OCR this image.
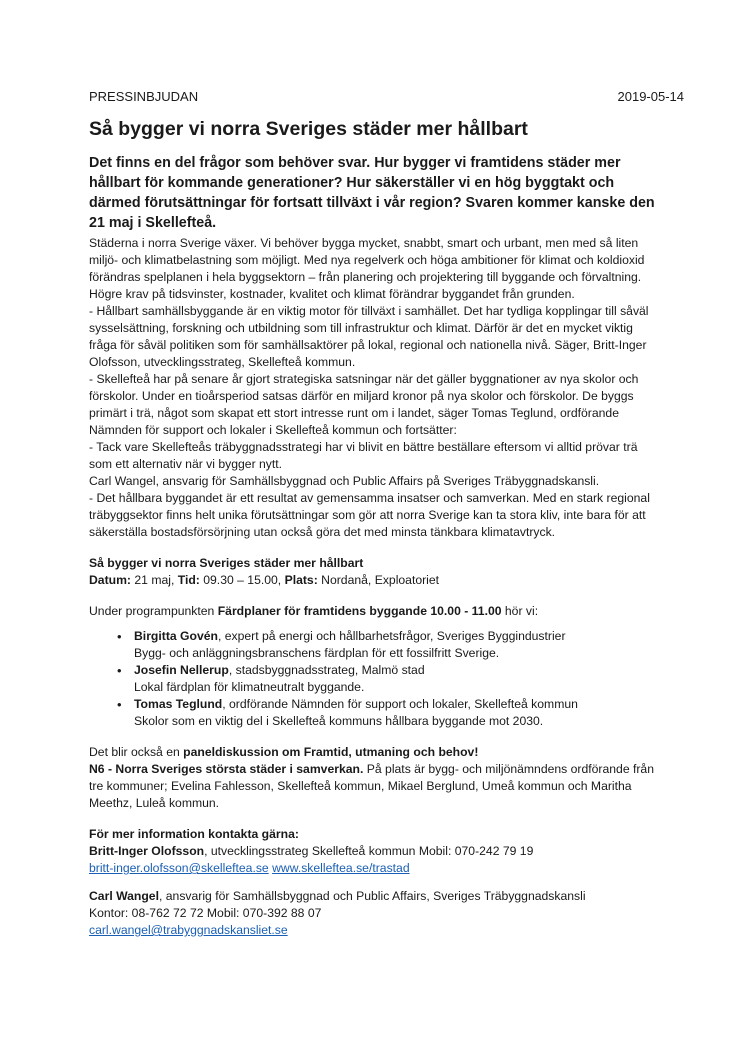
PRESSINBJUDAN	2019-05-14
Så bygger vi norra Sveriges städer mer hållbart

Det finns en del frågor som behöver svar. Hur bygger vi framtidens städer mer hållbart för kommande generationer? Hur säkerställer vi en hög byggtakt och därmed förutsättningar för fortsatt tillväxt i vår region? Svaren kommer kanske den 21 maj i Skellefteå.

Städerna i norra Sverige växer. Vi behöver bygga mycket, snabbt, smart och urbant, men med så liten miljö- och klimatbelastning som möjligt. Med nya regelverk och höga ambitioner för klimat och koldioxid förändras spelplanen i hela byggsektorn – från planering och projektering till byggande och förvaltning. Högre krav på tidsvinster, kostnader, kvalitet och klimat förändrar byggandet från grunden.

- Hållbart samhällsbyggande är en viktig motor för tillväxt i samhället. Det har tydliga kopplingar till såväl sysselsättning, forskning och utbildning som till infrastruktur och klimat. Därför är det en mycket viktig fråga för såväl politiken som för samhällsaktörer på lokal, regional och nationella nivå. Säger, Britt-Inger Olofsson, utvecklingsstrateg, Skellefteå kommun.

- Skellefteå har på senare år gjort strategiska satsningar när det gäller byggnationer av nya skolor och förskolor. Under en tioårsperiod satsas därför en miljard kronor på nya skolor och förskolor. De byggs primärt i trä, något som skapat ett stort intresse runt om i landet, säger Tomas Teglund, ordförande Nämnden för support och lokaler i Skellefteå kommun och fortsätter:

- Tack vare Skellefteås träbyggnadsstrategi har vi blivit en bättre beställare eftersom vi alltid prövar trä som ett alternativ när vi bygger nytt.

Carl Wangel, ansvarig för Samhällsbyggnad och Public Affairs på Sveriges Träbyggnadskansli.

- Det hållbara byggandet är ett resultat av gemensamma insatser och samverkan. Med en stark regional träbyggsektor finns helt unika förutsättningar som gör att norra Sverige kan ta stora kliv, inte bara för att säkerställa bostadsförsörjning utan också göra det med minsta tänkbara klimatavtryck.

Så bygger vi norra Sveriges städer mer hållbart

Datum: 21 maj, Tid: 09.30 – 15.00, Plats: Nordanå, Exploatoriet

Under programpunkten Färdplaner för framtidens byggande 10.00 - 11.00 hör vi:

• Birgitta Govén, expert på energi och hållbarhetsfrågor, Sveriges Byggindustrier
Bygg- och anläggningsbranschens färdplan för ett fossilfritt Sverige.
• Josefin Nellerup, stadsbyggnadsstrateg, Malmö stad
Lokal färdplan för klimatneutralt byggande.
• Tomas Teglund, ordförande Nämnden för support och lokaler, Skellefteå kommun
Skolor som en viktig del i Skellefteå kommuns hållbara byggande mot 2030.

Det blir också en paneldiskussion om Framtid, utmaning och behov!

N6 - Norra Sveriges största städer i samverkan. På plats är bygg- och miljönämndens ordförande från tre kommuner; Evelina Fahlesson, Skellefteå kommun, Mikael Berglund, Umeå kommun och Maritha Meethz, Luleå kommun.

För mer information kontakta gärna:

Britt-Inger Olofsson, utvecklingsstrateg Skellefteå kommun Mobil: 070-242 79 19

britt-inger.olofsson@skelleftea.se www.skelleftea.se/trastad

Carl Wangel, ansvarig för Samhällsbyggnad och Public Affairs, Sveriges Träbyggnadskansli

Kontor: 08-762 72 72 Mobil: 070-392 88 07

carl.wangel@trabyggnadskansliet.se
